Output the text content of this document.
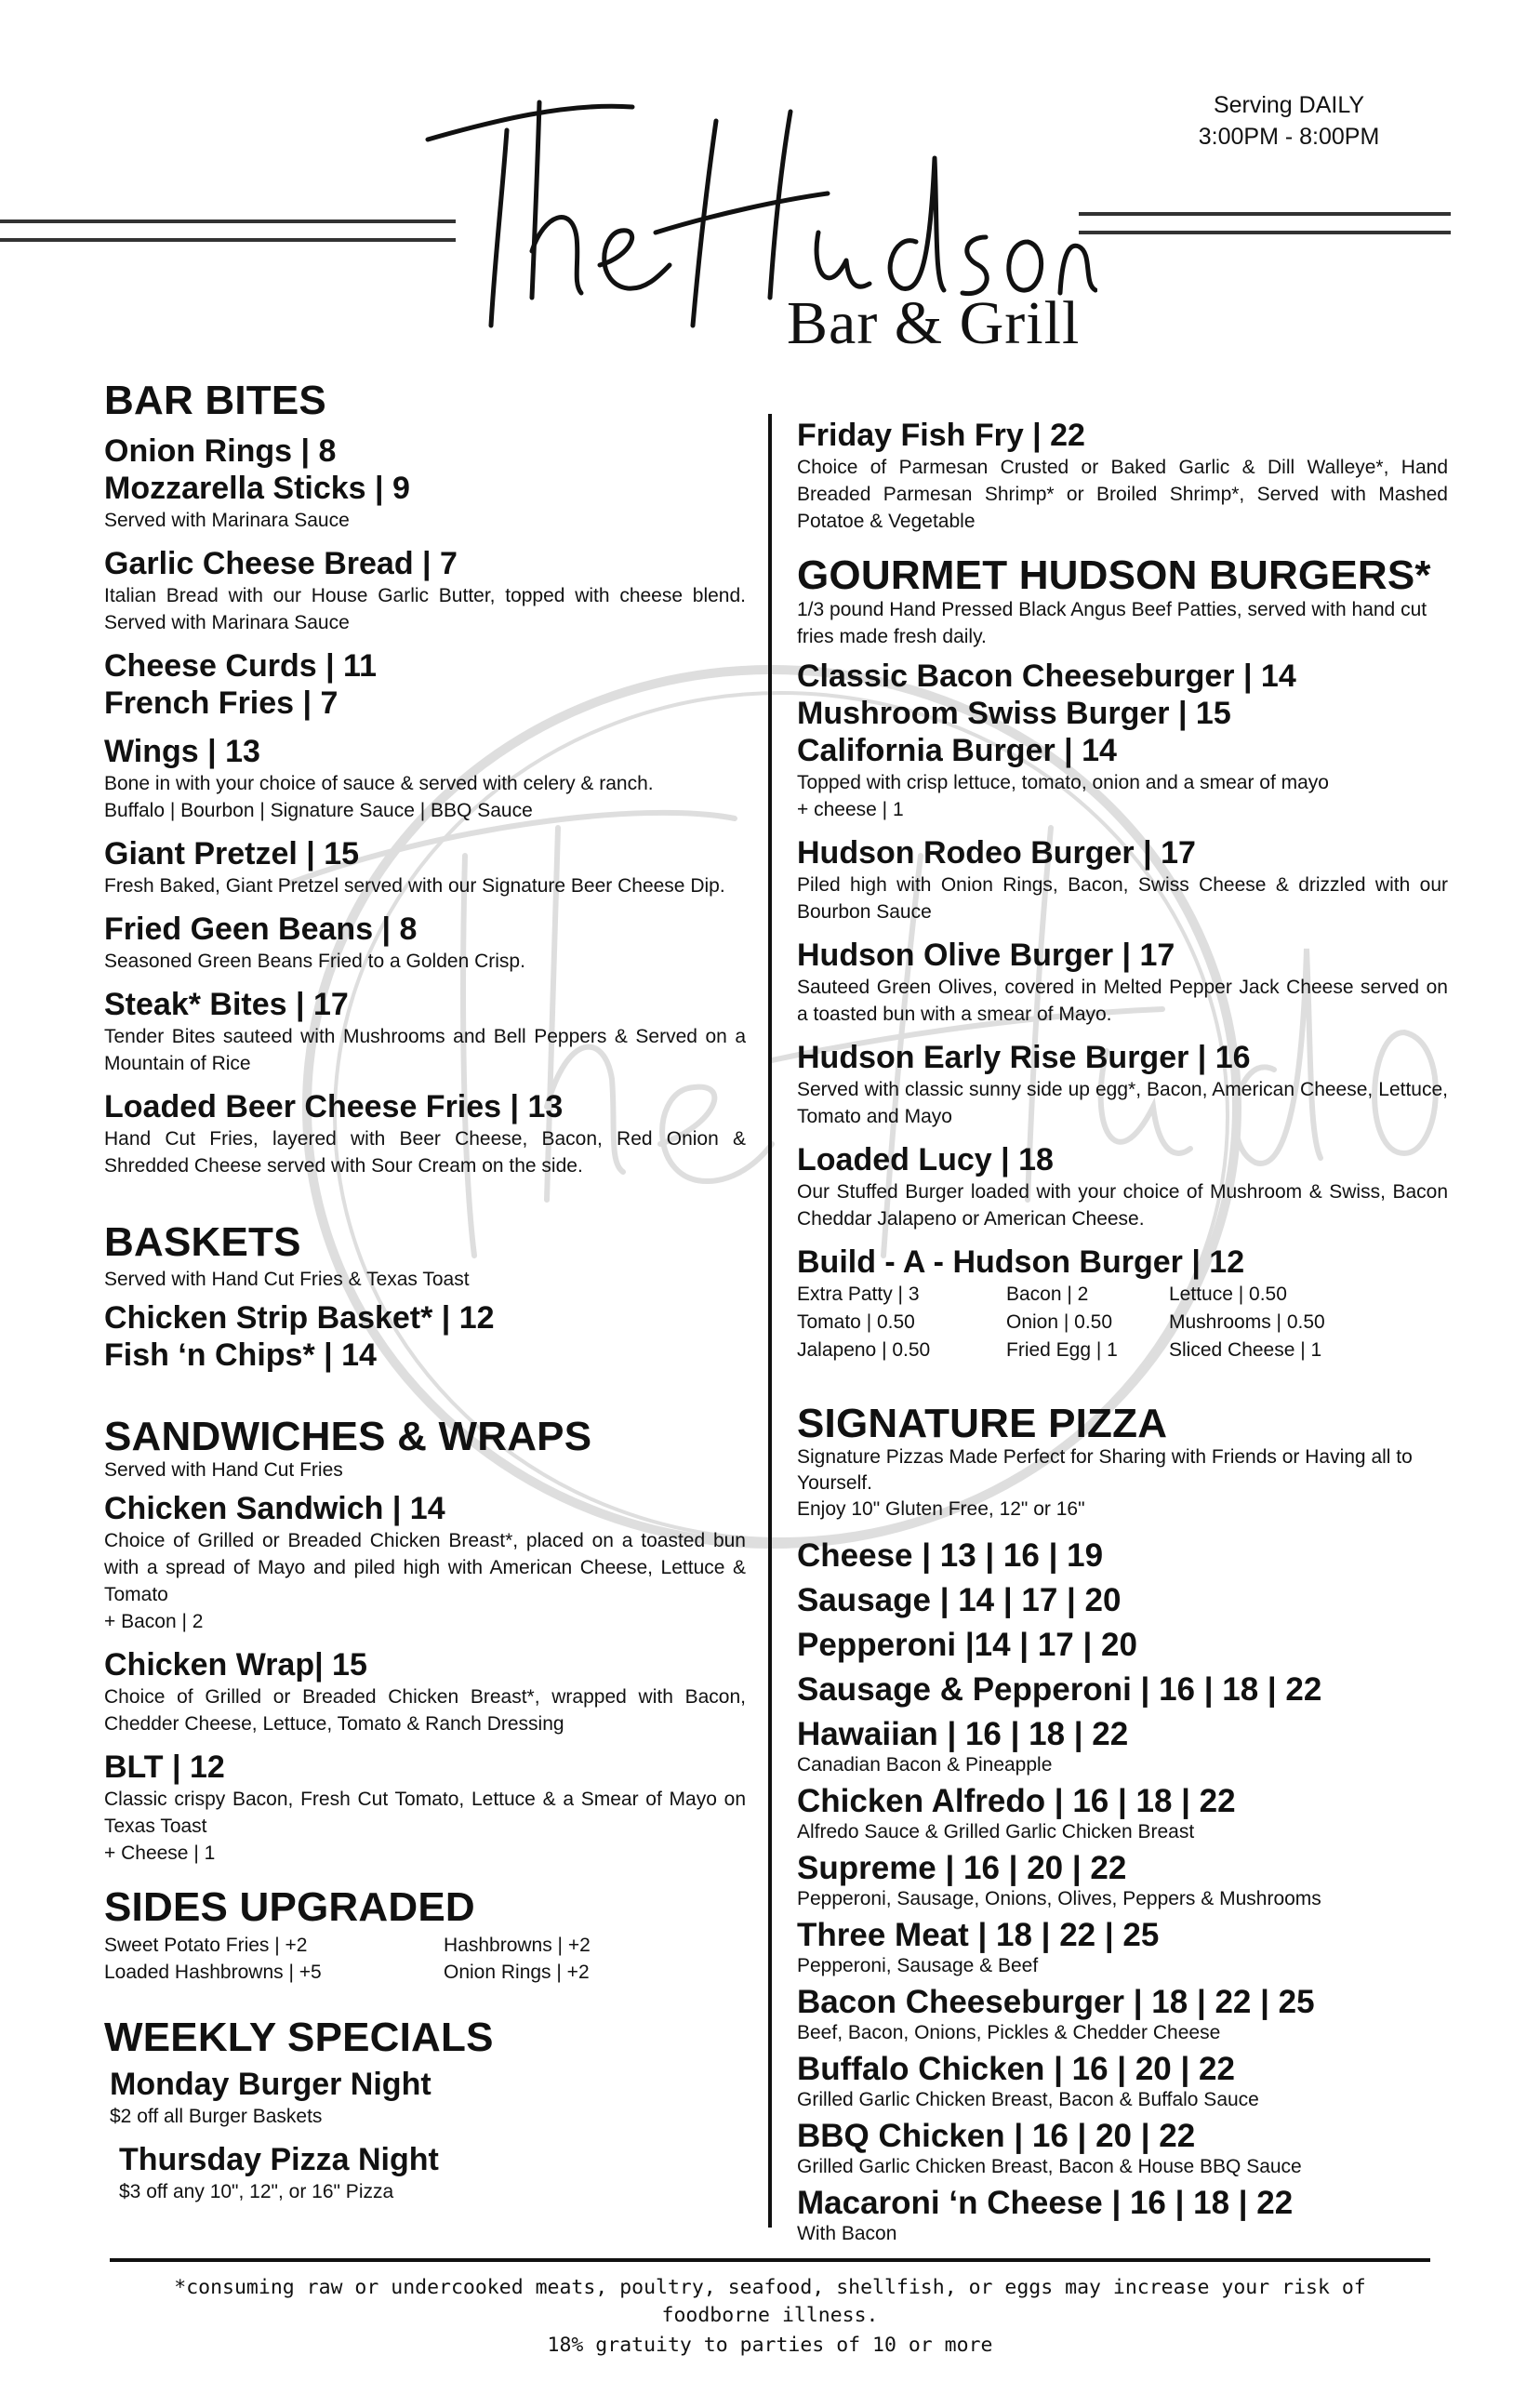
Bar & Grill
Serving DAILY
3:00PM - 8:00PM
BAR BITES
Onion Rings | 8
Mozzarella Sticks | 9
Served with Marinara Sauce
Garlic Cheese Bread | 7
Italian Bread with our House Garlic Butter, topped with cheese blend. Served with Marinara Sauce
Cheese Curds | 11
French Fries | 7
Wings | 13
Bone in with your choice of sauce & served with celery & ranch.
Buffalo | Bourbon | Signature Sauce | BBQ Sauce
Giant Pretzel | 15
Fresh Baked, Giant Pretzel served with our Signature Beer Cheese Dip.
Fried Geen Beans | 8
Seasoned Green Beans Fried to a Golden Crisp.
Steak* Bites | 17
Tender Bites sauteed with Mushrooms and Bell Peppers & Served on a Mountain of Rice
Loaded Beer Cheese Fries | 13
Hand Cut Fries, layered with Beer Cheese, Bacon, Red Onion & Shredded Cheese served with Sour Cream on the side.
BASKETS
Served with Hand Cut Fries & Texas Toast
Chicken Strip Basket* | 12
Fish ‘n Chips* | 14
SANDWICHES & WRAPS
Served with Hand Cut Fries
Chicken Sandwich | 14
Choice of Grilled or Breaded Chicken Breast*, placed on a toasted bun with a spread of Mayo and piled high with American Cheese, Lettuce & Tomato
+ Bacon | 2
Chicken Wrap| 15
Choice of Grilled or Breaded Chicken Breast*, wrapped with Bacon, Chedder Cheese, Lettuce, Tomato & Ranch Dressing
BLT | 12
Classic crispy Bacon, Fresh Cut Tomato, Lettuce & a Smear of Mayo on Texas Toast
+ Cheese | 1
SIDES UPGRADED
Sweet Potato Fries | +2	Hashbrowns | +2
Loaded Hashbrowns | +5	Onion Rings | +2
WEEKLY SPECIALS
Monday Burger Night
$2 off all Burger Baskets
Thursday Pizza Night
$3 off any 10", 12", or 16" Pizza
Friday Fish Fry | 22
Choice of Parmesan Crusted or Baked Garlic & Dill Walleye*, Hand Breaded Parmesan Shrimp* or Broiled Shrimp*, Served with Mashed Potatoe & Vegetable
GOURMET HUDSON BURGERS*
1/3 pound Hand Pressed Black Angus Beef Patties, served with hand cut fries made fresh daily.
Classic Bacon Cheeseburger | 14
Mushroom Swiss Burger | 15
California Burger | 14
Topped with crisp lettuce, tomato, onion and a smear of mayo
+ cheese | 1
Hudson Rodeo Burger | 17
Piled high with Onion Rings, Bacon, Swiss Cheese & drizzled with our Bourbon Sauce
Hudson Olive Burger | 17
Sauteed Green Olives, covered in Melted Pepper Jack Cheese served on a toasted bun with a smear of Mayo.
Hudson Early Rise Burger | 16
Served with classic sunny side up egg*, Bacon, American Cheese, Lettuce, Tomato and Mayo
Loaded Lucy | 18
Our Stuffed Burger loaded with your choice of Mushroom & Swiss, Bacon Cheddar Jalapeno or American Cheese.
Build - A - Hudson Burger | 12
Extra Patty | 3	Bacon | 2	Lettuce | 0.50
Tomato | 0.50	Onion | 0.50	Mushrooms | 0.50
Jalapeno | 0.50	Fried Egg | 1	Sliced Cheese | 1
SIGNATURE PIZZA
Signature Pizzas Made Perfect for Sharing with Friends or Having all to Yourself.
Enjoy 10" Gluten Free, 12" or 16"
Cheese | 13 | 16 | 19
Sausage | 14 | 17 | 20
Pepperoni |14 | 17 | 20
Sausage & Pepperoni | 16 | 18 | 22
Hawaiian | 16 | 18 | 22
Canadian Bacon & Pineapple
Chicken Alfredo | 16 | 18 | 22
Alfredo Sauce & Grilled Garlic Chicken Breast
Supreme | 16 | 20 | 22
Pepperoni, Sausage, Onions, Olives, Peppers & Mushrooms
Three Meat | 18 | 22 | 25
Pepperoni, Sausage & Beef
Bacon Cheeseburger | 18 | 22 | 25
Beef, Bacon, Onions, Pickles & Chedder Cheese
Buffalo Chicken | 16 | 20 | 22
Grilled Garlic Chicken Breast, Bacon & Buffalo Sauce
BBQ Chicken | 16 | 20 | 22
Grilled Garlic Chicken Breast, Bacon & House BBQ Sauce
Macaroni ‘n Cheese | 16 | 18 | 22
With Bacon
*consuming raw or undercooked meats, poultry, seafood, shellfish, or eggs may increase your risk of
foodborne illness.
18% gratuity to parties of 10 or more
